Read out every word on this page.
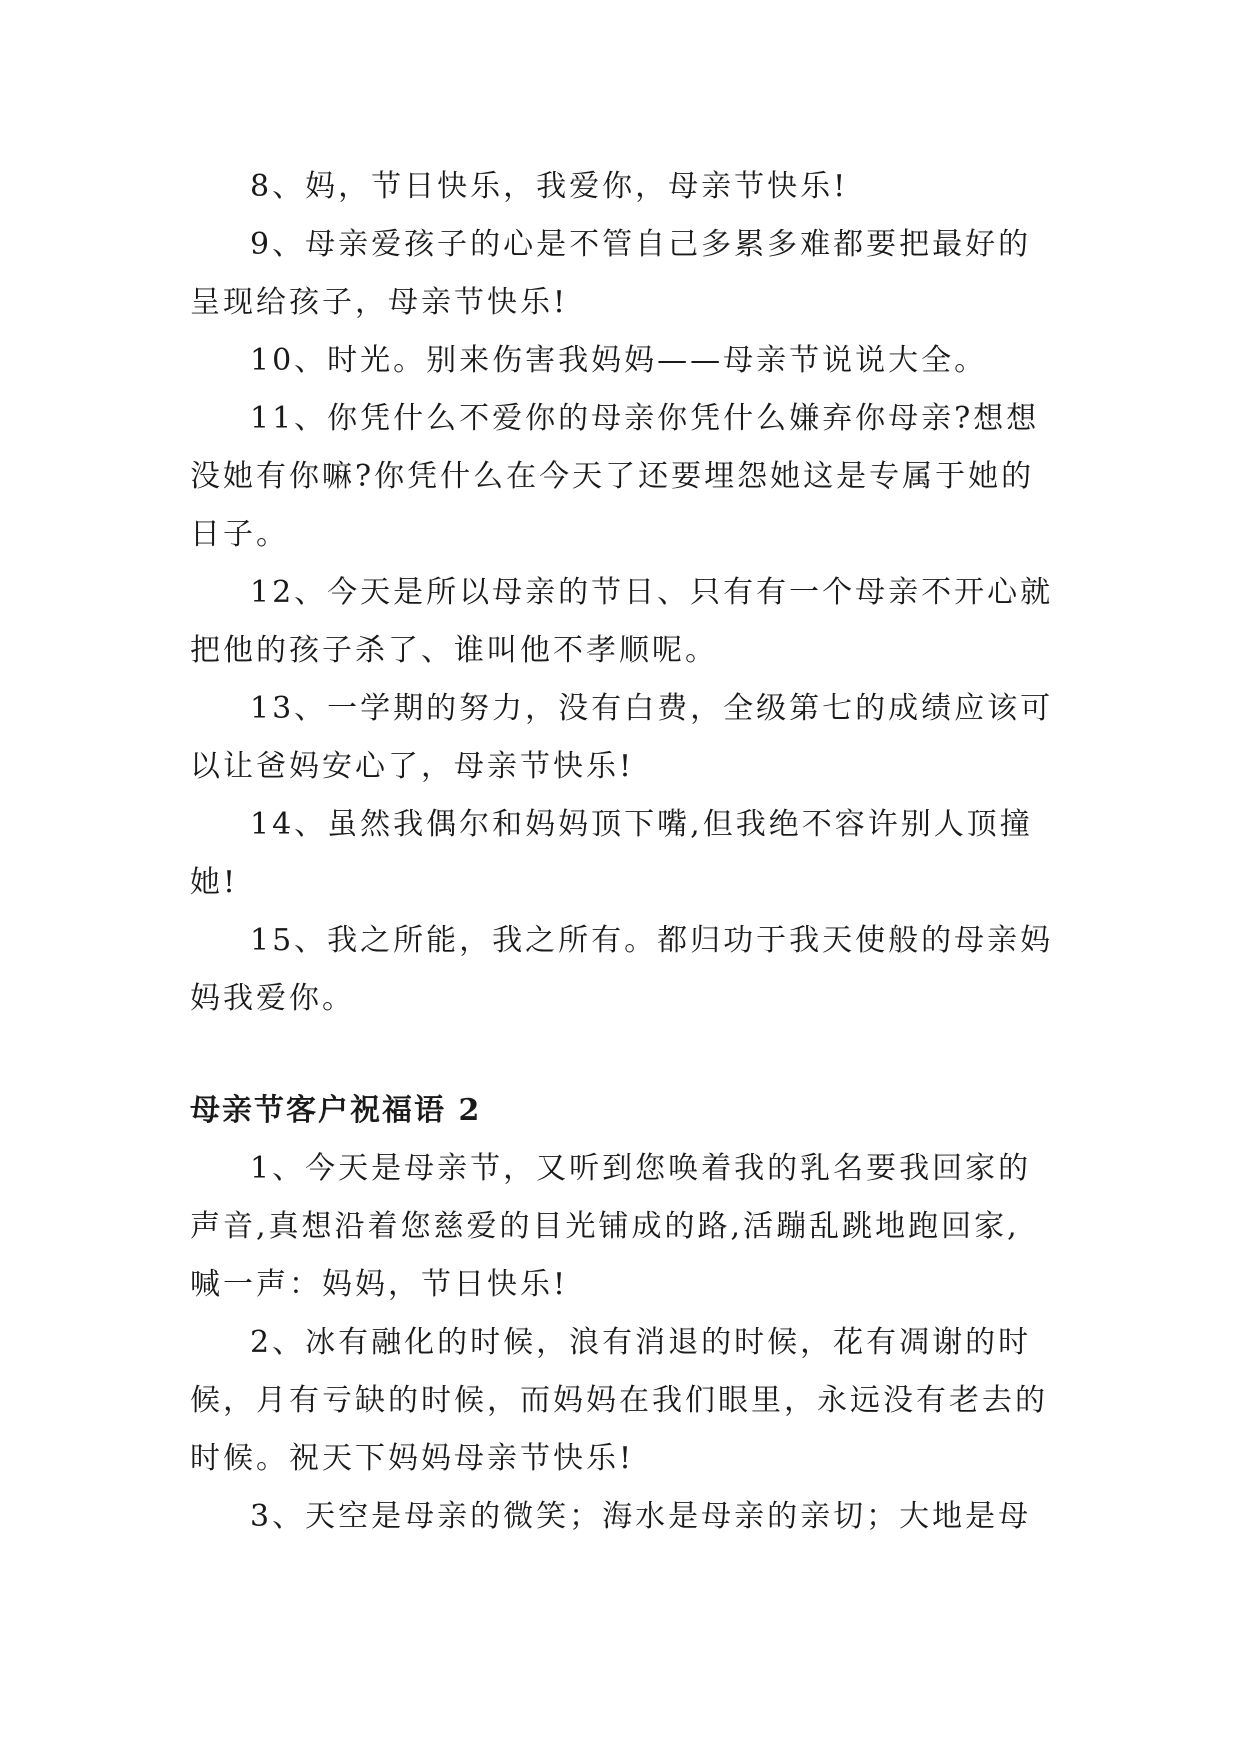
8、妈，节日快乐，我爱你，母亲节快乐!

9、母亲爱孩子的心是不管自己多累多难都要把最好的
呈现给孩子，母亲节快乐!

10、时光。别来伤害我妈妈——母亲节说说大全。

11、你凭什么不爱你的母亲你凭什么嫌弃你母亲?想想
没她有你嘛?你凭什么在今天了还要埋怨她这是专属于她的
日子。

12、今天是所以母亲的节日、只有有一个母亲不开心就
把他的孩子杀了、谁叫他不孝顺呢。

13、一学期的努力，没有白费，全级第七的成绩应该可
以让爸妈安心了，母亲节快乐!

14、虽然我偶尔和妈妈顶下嘴,但我绝不容许别人顶撞
她!

15、我之所能，我之所有。都归功于我天使般的母亲妈
妈我爱你。

母亲节客户祝福语 2

1、今天是母亲节，又听到您唤着我的乳名要我回家的
声音,真想沿着您慈爱的目光铺成的路,活蹦乱跳地跑回家,
喊一声：妈妈，节日快乐!

2、冰有融化的时候，浪有消退的时候，花有凋谢的时
候，月有亏缺的时候，而妈妈在我们眼里，永远没有老去的
时候。祝天下妈妈母亲节快乐!

3、天空是母亲的微笑；海水是母亲的亲切；大地是母
